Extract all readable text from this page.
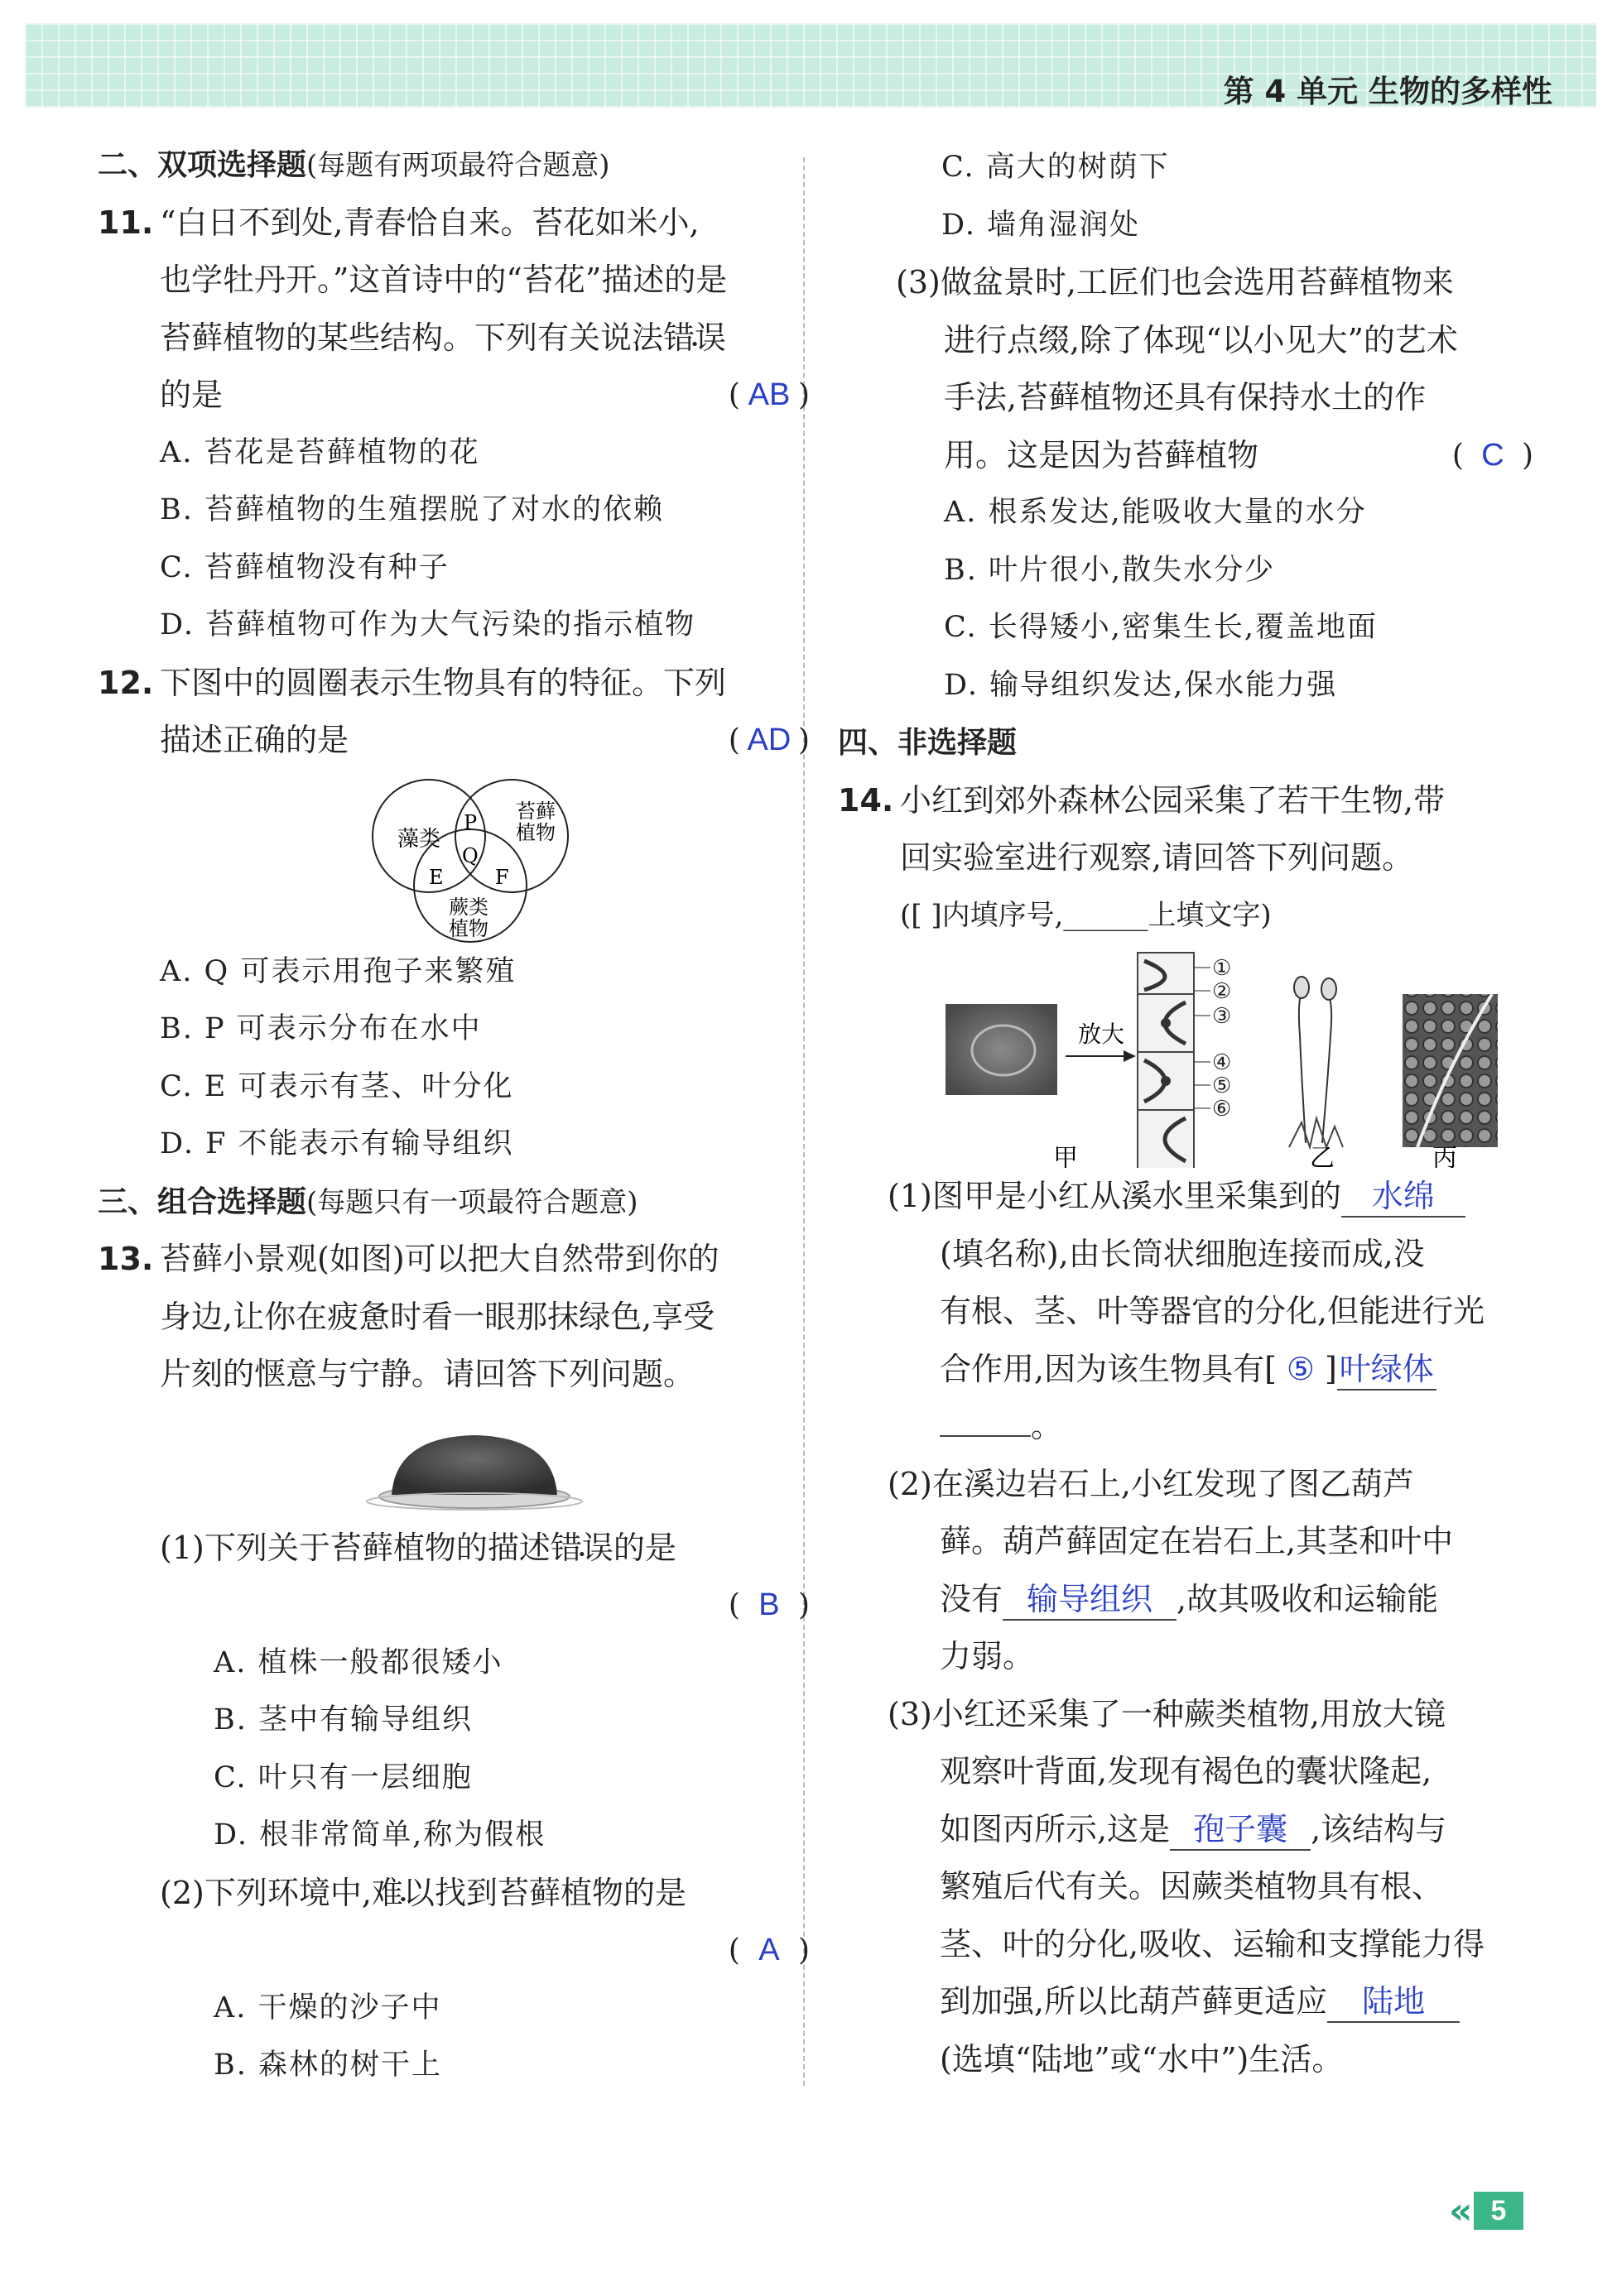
第 4 单元 生物的多样性
二、双项选择题(每题有两项最符合题意)
11. “白日不到处,青春恰自来。苔花如米小,
也学牡丹开。”这首诗中的“苔花”描述的是
苔藓植物的某些结构。下列有关说法错误 •
的是	( AB )
A. 苔花是苔藓植物的花
B. 苔藓植物的生殖摆脱了对水的依赖
C. 苔藓植物没有种子
D. 苔藓植物可作为大气污染的指示植物
12. 下图中的圆圈表示生物具有的特征。下列
描述正确的是	( AD )
藻类
苔藓
植物
蕨类
植物
P
Q
E	F
A. Q 可表示用孢子来繁殖
B. P 可表示分布在水中
C. E 可表示有茎、叶分化
D. F 不能表示有输导组织
三、组合选择题(每题只有一项最符合题意)
13. 苔藓小景观(如图)可以把大自然带到你的
身边,让你在疲惫时看一眼那抹绿色,享受
片刻的惬意与宁静。请回答下列问题。
(1)下列关于苔藓植物的描述错误 •的是
( B )
A. 植株一般都很矮小
B. 茎中有输导组织
C. 叶只有一层细胞
D. 根非常简单,称为假根
(2)下列环境中,难以 •找到苔藓植物的是
( A )
A. 干燥的沙子中
B. 森林的树干上
C. 高大的树荫下
D. 墙角湿润处
(3)做盆景时,工匠们也会选用苔藓植物来
进行点缀,除了体现“以小见大”的艺术
手法,苔藓植物还具有保持水土的作
用。这是因为苔藓植物	( C )
A. 根系发达,能吸收大量的水分
B. 叶片很小,散失水分少
C. 长得矮小,密集生长,覆盖地面
D. 输导组织发达,保水能力强
四、非选择题
14. 小红到郊外森林公园采集了若干生物,带
回实验室进行观察,请回答下列问题。
([ ]内填序号,______上填文字)
放大
①
②
③
④
⑤
⑥
甲	乙	丙
(1)图甲是小红从溪水里采集到的 水绵
(填名称),由长筒状细胞连接而成,没
有根、茎、叶等器官的分化,但能进行光
合作用,因为该生物具有[ ⑤ ]叶绿体
。
(2)在溪边岩石上,小红发现了图乙葫芦
藓。葫芦藓固定在岩石上,其茎和叶中
没有 输导组织 ,故其吸收和运输能
力弱。
(3)小红还采集了一种蕨类植物,用放大镜
观察叶背面,发现有褐色的囊状隆起,
如图丙所示,这是 孢子囊 ,该结构与
繁殖后代有关。因蕨类植物具有根、
茎、叶的分化,吸收、运输和支撑能力得
到加强,所以比葫芦藓更适应 陆地
(选填“陆地”或“水中”)生活。
« 5
